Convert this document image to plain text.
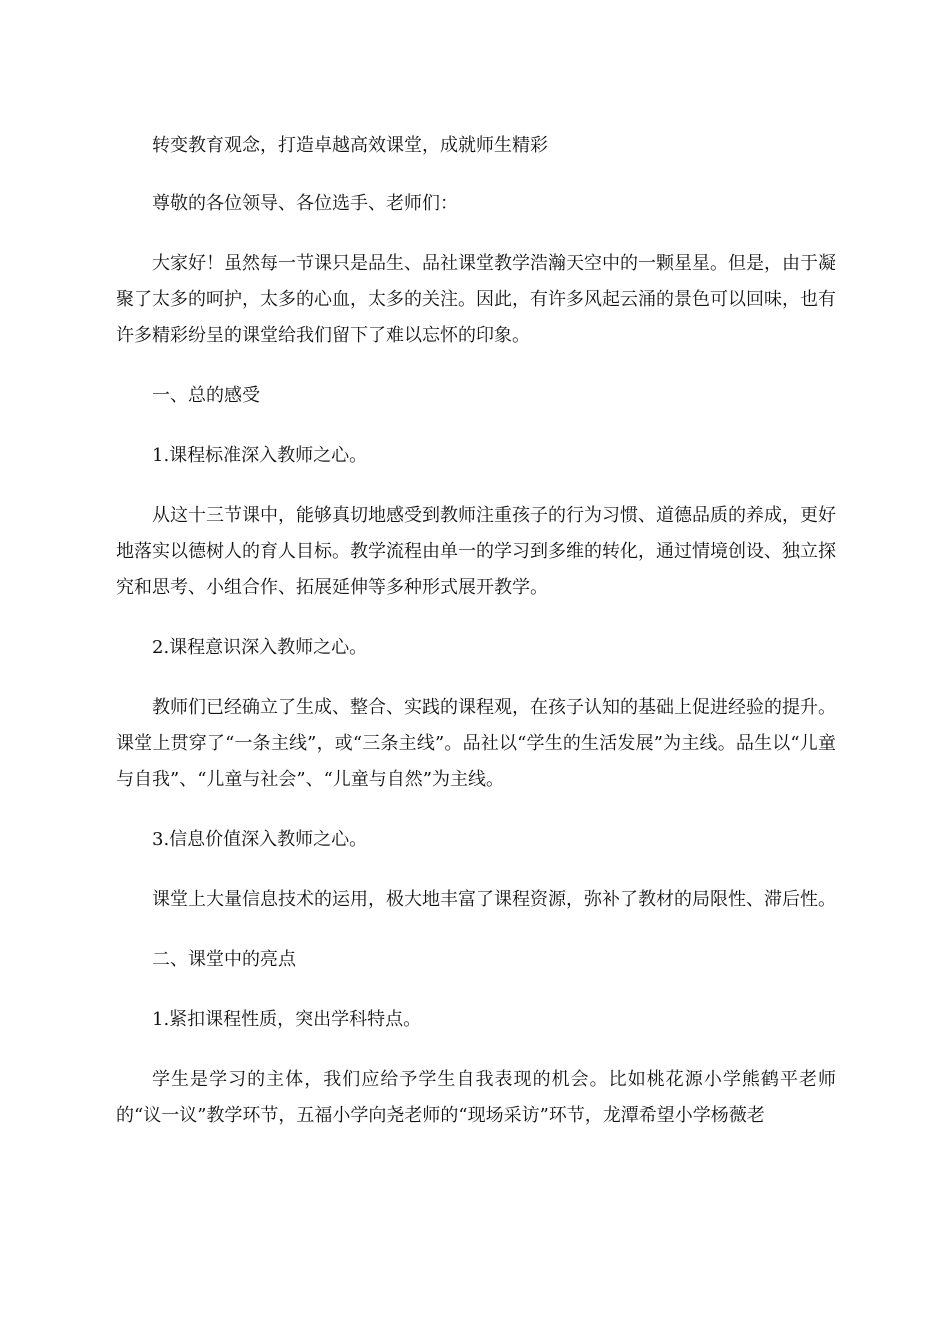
转变教育观念，打造卓越高效课堂，成就师生精彩

尊敬的各位领导、各位选手、老师们：

大家好！虽然每一节课只是品生、品社课堂教学浩瀚天空中的一颗星星。但是，由于凝聚了太多的呵护，太多的心血，太多的关注。因此，有许多风起云涌的景色可以回味，也有许多精彩纷呈的课堂给我们留下了难以忘怀的印象。

一、总的感受

1.课程标准深入教师之心。

从这十三节课中，能够真切地感受到教师注重孩子的行为习惯、道德品质的养成，更好地落实以德树人的育人目标。教学流程由单一的学习到多维的转化，通过情境创设、独立探究和思考、小组合作、拓展延伸等多种形式展开教学。

2.课程意识深入教师之心。

教师们已经确立了生成、整合、实践的课程观，在孩子认知的基础上促进经验的提升。课堂上贯穿了“一条主线”，或“三条主线”。品社以“学生的生活发展”为主线。品生以“儿童与自我”、“儿童与社会”、“儿童与自然”为主线。

3.信息价值深入教师之心。

课堂上大量信息技术的运用，极大地丰富了课程资源，弥补了教材的局限性、滞后性。

二、课堂中的亮点

1.紧扣课程性质，突出学科特点。

学生是学习的主体，我们应给予学生自我表现的机会。比如桃花源小学熊鹤平老师的“议一议”教学环节，五福小学向尧老师的“现场采访”环节，龙潭希望小学杨薇老
